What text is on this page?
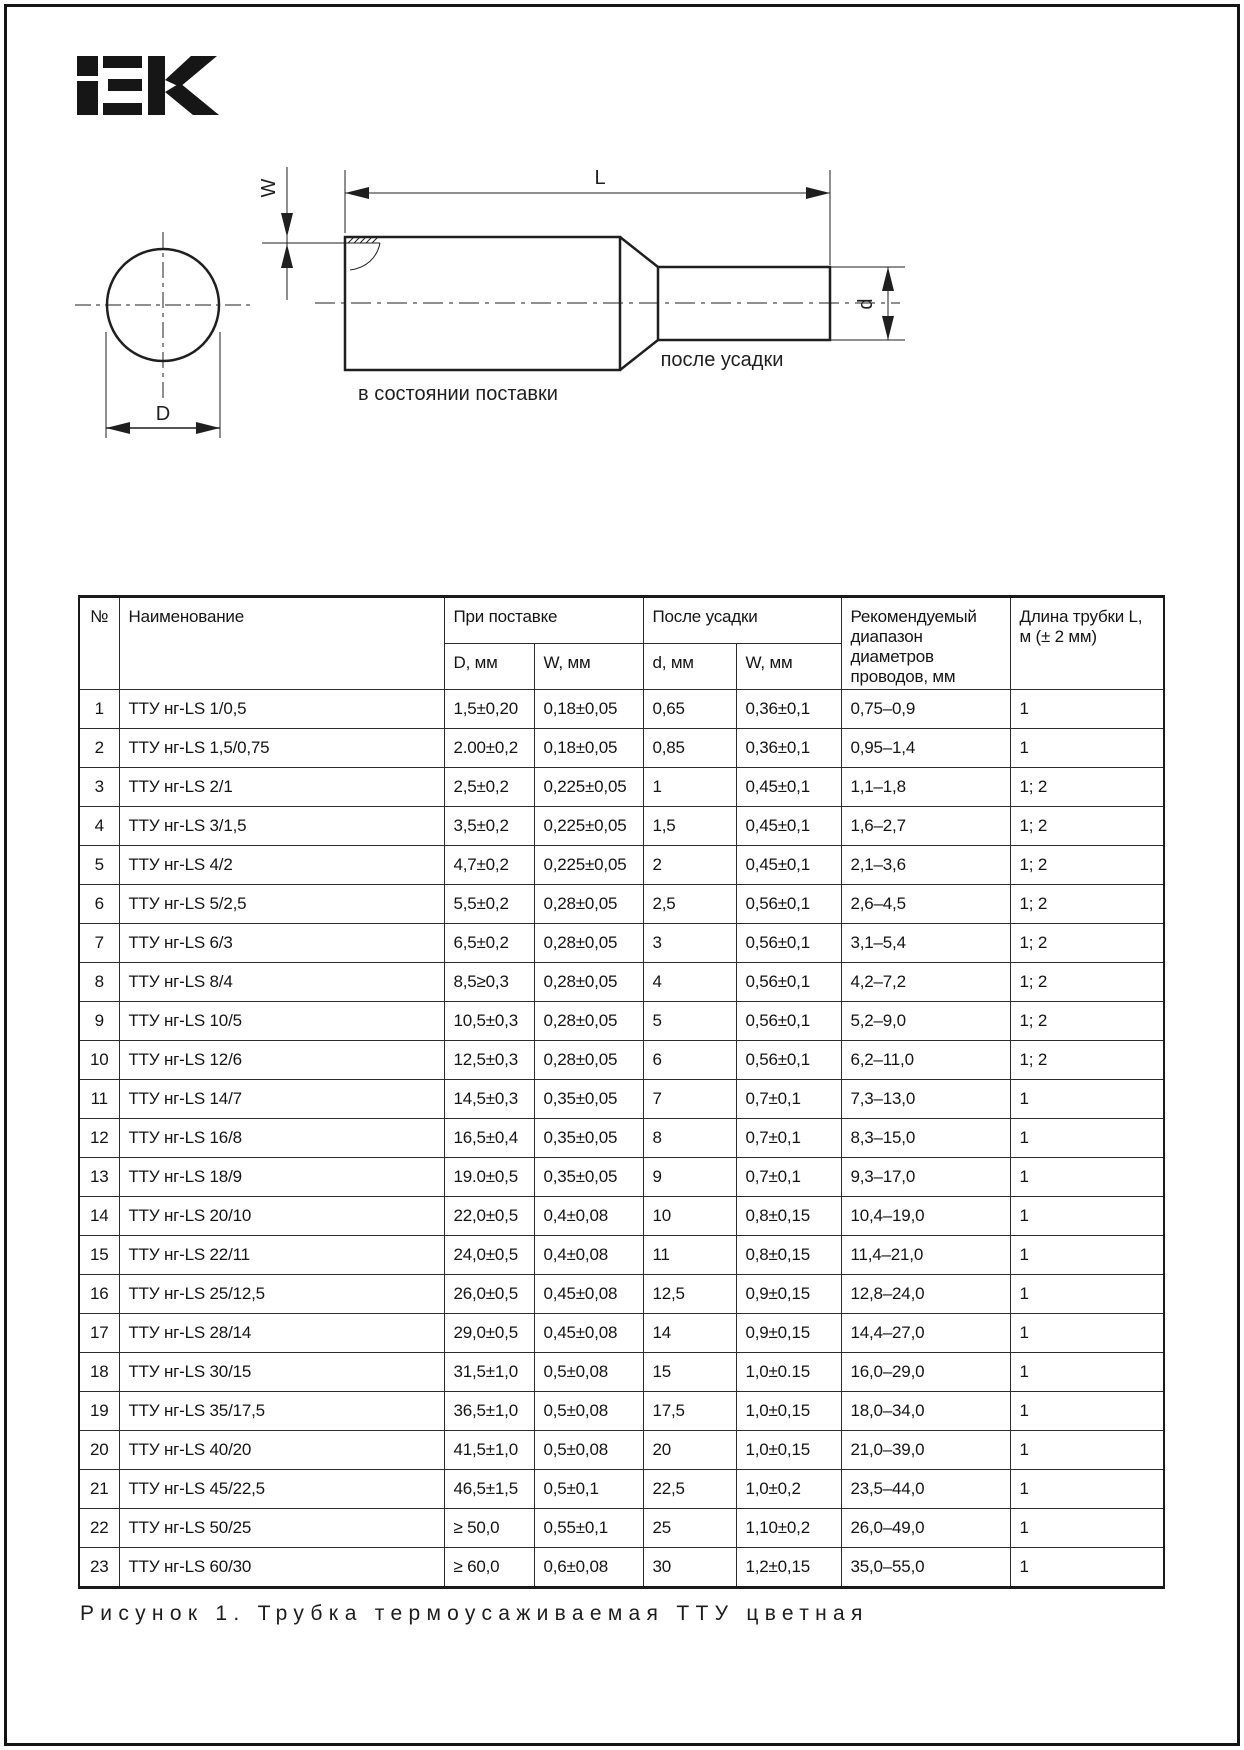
W	L
D
d
в состоянии поставки
после усадки
№	Наименование	При поставке		После усадки		Рекомендуемый диапазон диаметров проводов, мм	Длина трубки L, м (± 2 мм)
		D, мм	W, мм	d, мм	W, мм		
1	ТТУ нг-LS 1/0,5	1,5±0,20	0,18±0,05	0,65	0,36±0,1	0,75–0,9	1
2	ТТУ нг-LS 1,5/0,75	2.00±0,2	0,18±0,05	0,85	0,36±0,1	0,95–1,4	1
3	ТТУ нг-LS 2/1	2,5±0,2	0,225±0,05	1	0,45±0,1	1,1–1,8	1; 2
4	ТТУ нг-LS 3/1,5	3,5±0,2	0,225±0,05	1,5	0,45±0,1	1,6–2,7	1; 2
5	ТТУ нг-LS 4/2	4,7±0,2	0,225±0,05	2	0,45±0,1	2,1–3,6	1; 2
6	ТТУ нг-LS 5/2,5	5,5±0,2	0,28±0,05	2,5	0,56±0,1	2,6–4,5	1; 2
7	ТТУ нг-LS 6/3	6,5±0,2	0,28±0,05	3	0,56±0,1	3,1–5,4	1; 2
8	ТТУ нг-LS 8/4	8,5≥0,3	0,28±0,05	4	0,56±0,1	4,2–7,2	1; 2
9	ТТУ нг-LS 10/5	10,5±0,3	0,28±0,05	5	0,56±0,1	5,2–9,0	1; 2
10	ТТУ нг-LS 12/6	12,5±0,3	0,28±0,05	6	0,56±0,1	6,2–11,0	1; 2
11	ТТУ нг-LS 14/7	14,5±0,3	0,35±0,05	7	0,7±0,1	7,3–13,0	1
12	ТТУ нг-LS 16/8	16,5±0,4	0,35±0,05	8	0,7±0,1	8,3–15,0	1
13	ТТУ нг-LS 18/9	19.0±0,5	0,35±0,05	9	0,7±0,1	9,3–17,0	1
14	ТТУ нг-LS 20/10	22,0±0,5	0,4±0,08	10	0,8±0,15	10,4–19,0	1
15	ТТУ нг-LS 22/11	24,0±0,5	0,4±0,08	11	0,8±0,15	11,4–21,0	1
16	ТТУ нг-LS 25/12,5	26,0±0,5	0,45±0,08	12,5	0,9±0,15	12,8–24,0	1
17	ТТУ нг-LS 28/14	29,0±0,5	0,45±0,08	14	0,9±0,15	14,4–27,0	1
18	ТТУ нг-LS 30/15	31,5±1,0	0,5±0,08	15	1,0±0.15	16,0–29,0	1
19	ТТУ нг-LS 35/17,5	36,5±1,0	0,5±0,08	17,5	1,0±0,15	18,0–34,0	1
20	ТТУ нг-LS 40/20	41,5±1,0	0,5±0,08	20	1,0±0,15	21,0–39,0	1
21	ТТУ нг-LS 45/22,5	46,5±1,5	0,5±0,1	22,5	1,0±0,2	23,5–44,0	1
22	ТТУ нг-LS 50/25	≥ 50,0	0,55±0,1	25	1,10±0,2	26,0–49,0	1
23	ТТУ нг-LS 60/30	≥ 60,0	0,6±0,08	30	1,2±0,15	35,0–55,0	1
Рисунок 1. Трубка термоусаживаемая ТТУ цветная
